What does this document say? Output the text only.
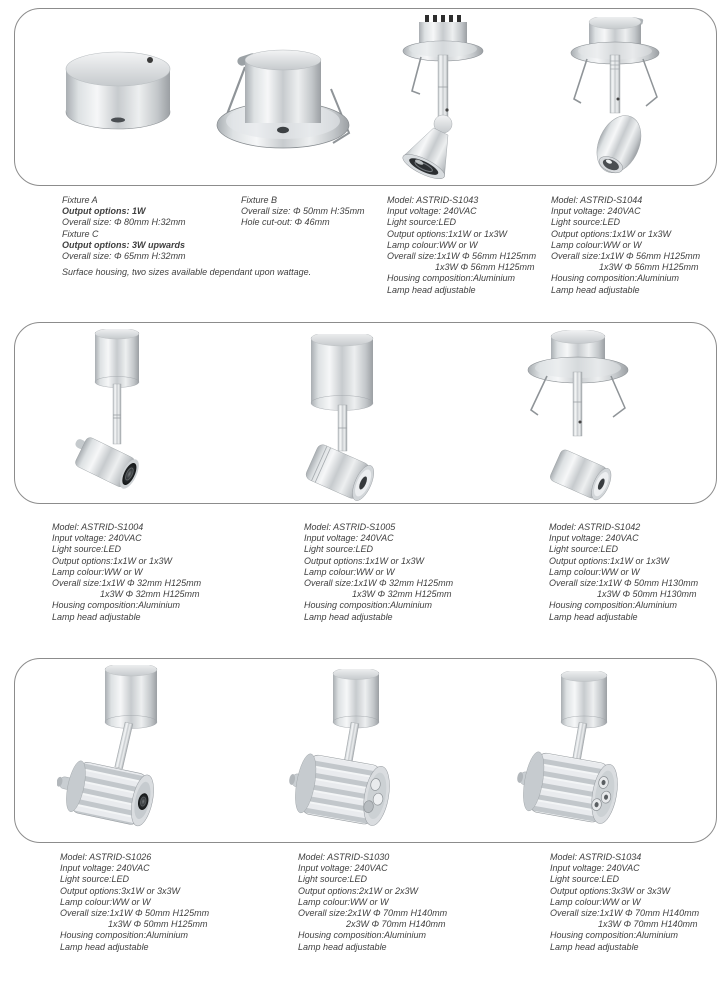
Fixture A

Output options: 1W

Overall size: Φ 80mm H:32mm

Fixture C

Output options: 3W upwards

Overall size: Φ 65mm H:32mm

Surface housing, two sizes available dependant upon wattage.

Fixture B

Overall size: Φ 50mm H:35mm

Hole cut-out: Φ 46mm

Model: ASTRID-S1043

Input voltage: 240VAC

Light source:LED

Output options:1x1W or 1x3W

Lamp colour:WW or W

Overall size:1x1W Φ 56mm H125mm

1x3W Φ 56mm H125mm

Housing composition:Aluminium

Lamp head adjustable

Model: ASTRID-S1044

Input voltage: 240VAC

Light source:LED

Output options:1x1W or 1x3W

Lamp colour:WW or W

Overall size:1x1W Φ 56mm H125mm

1x3W Φ 56mm H125mm

Housing composition:Aluminium

Lamp head adjustable

Model: ASTRID-S1004

Input voltage: 240VAC

Light source:LED

Output options:1x1W or 1x3W

Lamp colour:WW or W

Overall size:1x1W Φ 32mm H125mm

1x3W Φ 32mm H125mm

Housing composition:Aluminium

Lamp head adjustable

Model: ASTRID-S1005

Input voltage: 240VAC

Light source:LED

Output options:1x1W or 1x3W

Lamp colour:WW or W

Overall size:1x1W Φ 32mm H125mm

1x3W Φ 32mm H125mm

Housing composition:Aluminium

Lamp head adjustable

Model: ASTRID-S1042

Input voltage: 240VAC

Light source:LED

Output options:1x1W or 1x3W

Lamp colour:WW or W

Overall size:1x1W Φ 50mm H130mm

1x3W Φ 50mm H130mm

Housing composition:Aluminium

Lamp head adjustable

Model: ASTRID-S1026

Input voltage: 240VAC

Light source:LED

Output options:3x1W or 3x3W

Lamp colour:WW or W

Overall size:1x1W Φ 50mm H125mm

1x3W Φ 50mm H125mm

Housing composition:Aluminium

Lamp head adjustable

Model: ASTRID-S1030

Input voltage: 240VAC

Light source:LED

Output options:2x1W or 2x3W

Lamp colour:WW or W

Overall size:2x1W Φ 70mm H140mm

2x3W Φ 70mm H140mm

Housing composition:Aluminium

Lamp head adjustable

Model: ASTRID-S1034

Input voltage: 240VAC

Light source:LED

Output options:3x3W or 3x3W

Lamp colour:WW or W

Overall size:1x1W Φ 70mm H140mm

1x3W Φ 70mm H140mm

Housing composition:Aluminium

Lamp head adjustable
